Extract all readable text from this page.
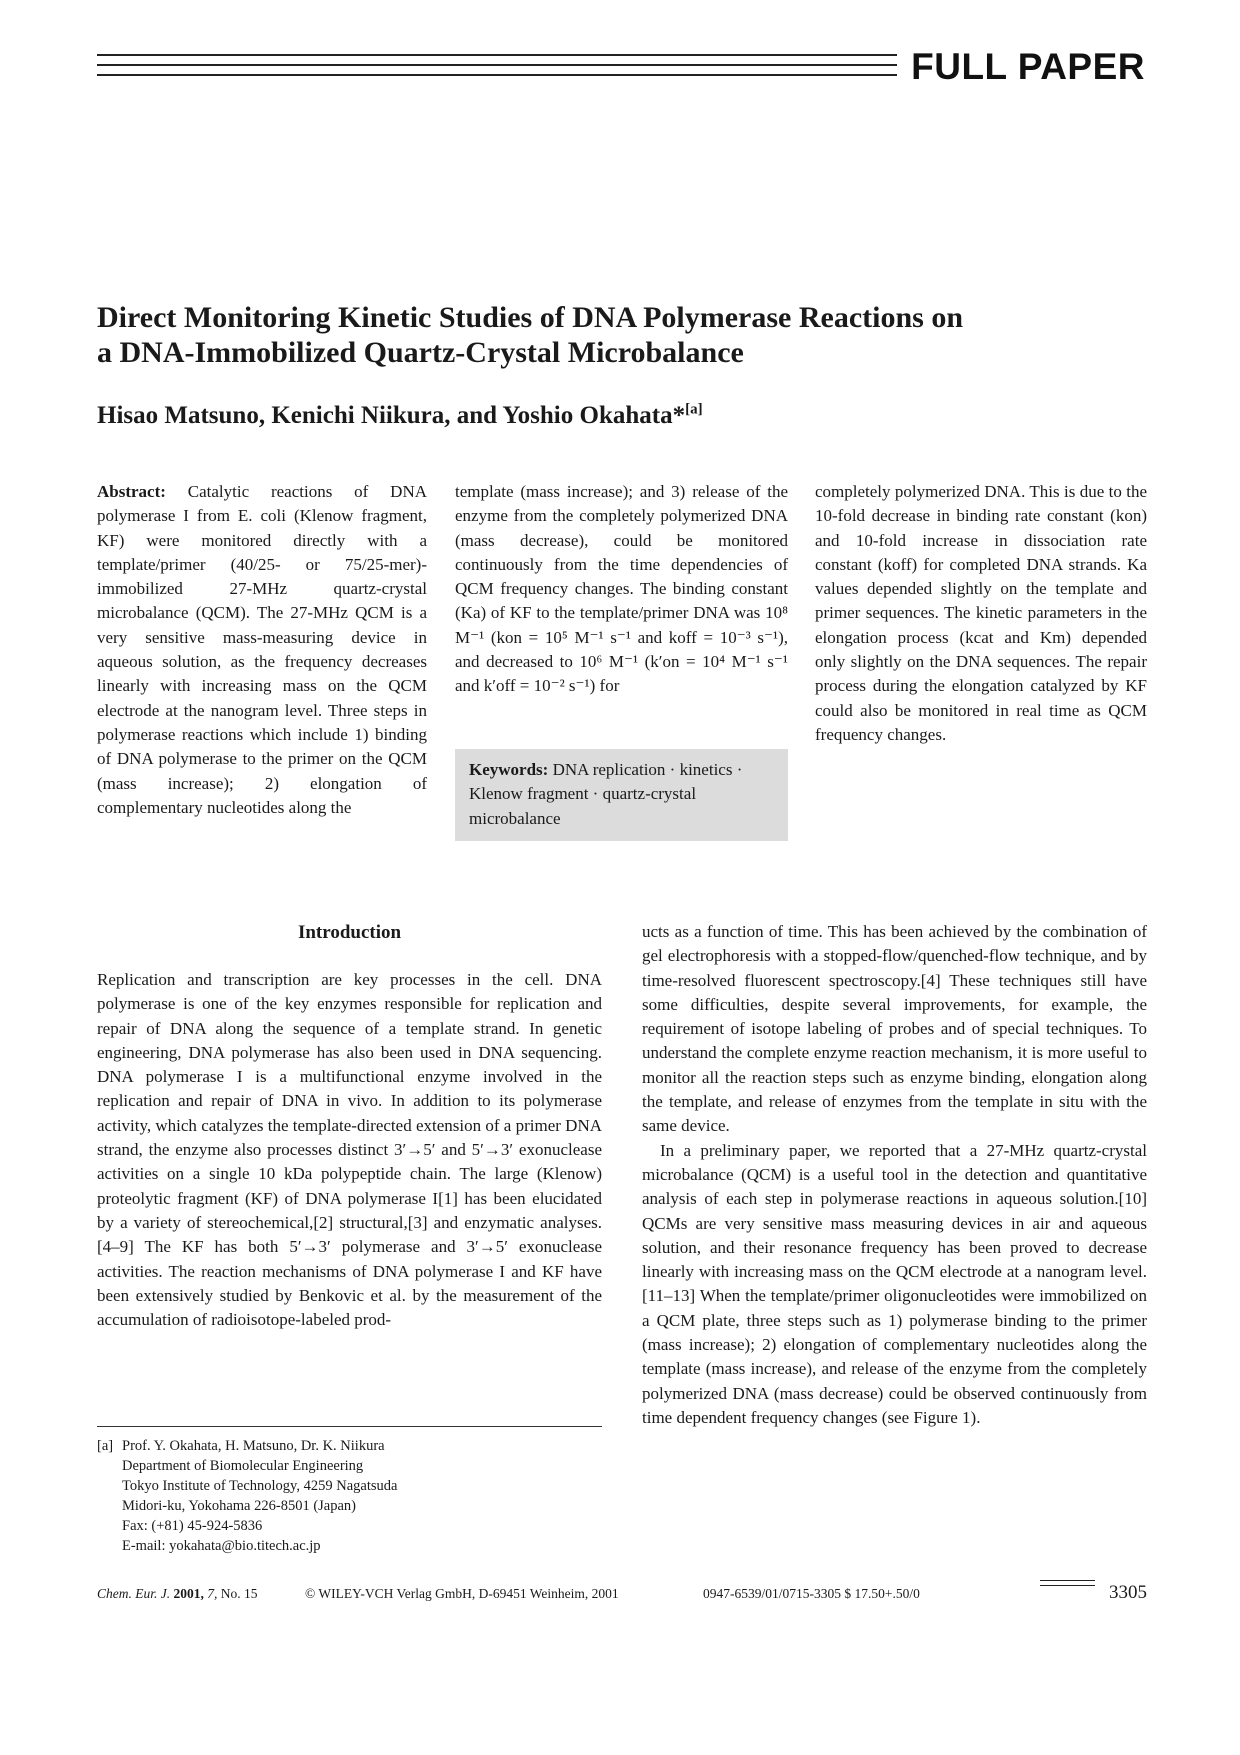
FULL PAPER
Direct Monitoring Kinetic Studies of DNA Polymerase Reactions on
a DNA-Immobilized Quartz-Crystal Microbalance
Hisao Matsuno, Kenichi Niikura, and Yoshio Okahata*[a]

Abstract: Catalytic reactions of DNA polymerase I from E. coli (Klenow fragment, KF) were monitored directly with a template/primer (40/25- or 75/25-mer)-immobilized 27-MHz quartz-crystal microbalance (QCM). The 27-MHz QCM is a very sensitive mass-measuring device in aqueous solution, as the frequency decreases linearly with increasing mass on the QCM electrode at the nanogram level. Three steps in polymerase reactions which include 1) binding of DNA polymerase to the primer on the QCM (mass increase); 2) elongation of complementary nucleotides along the

template (mass increase); and 3) release of the enzyme from the completely polymerized DNA (mass decrease), could be monitored continuously from the time dependencies of QCM frequency changes. The binding constant (Ka) of KF to the template/primer DNA was 10⁸ M⁻¹ (kon = 10⁵ M⁻¹ s⁻¹ and koff = 10⁻³ s⁻¹), and decreased to 10⁶ M⁻¹ (k′on = 10⁴ M⁻¹ s⁻¹ and k′off = 10⁻² s⁻¹) for

completely polymerized DNA. This is due to the 10-fold decrease in binding rate constant (kon) and 10-fold increase in dissociation rate constant (koff) for completed DNA strands. Ka values depended slightly on the template and primer sequences. The kinetic parameters in the elongation process (kcat and Km) depended only slightly on the DNA sequences. The repair process during the elongation catalyzed by KF could also be monitored in real time as QCM frequency changes.

Keywords: DNA replication · kinetics · Klenow fragment · quartz-crystal microbalance
Introduction

Replication and transcription are key processes in the cell. DNA polymerase is one of the key enzymes responsible for replication and repair of DNA along the sequence of a template strand. In genetic engineering, DNA polymerase has also been used in DNA sequencing. DNA polymerase I is a multifunctional enzyme involved in the replication and repair of DNA in vivo. In addition to its polymerase activity, which catalyzes the template-directed extension of a primer DNA strand, the enzyme also processes distinct 3′→5′ and 5′→3′ exonuclease activities on a single 10 kDa polypeptide chain. The large (Klenow) proteolytic fragment (KF) of DNA polymerase I[1] has been elucidated by a variety of stereochemical,[2] structural,[3] and enzymatic analyses.[4–9] The KF has both 5′→3′ polymerase and 3′→5′ exonuclease activities. The reaction mechanisms of DNA polymerase I and KF have been extensively studied by Benkovic et al. by the measurement of the accumulation of radioisotope-labeled prod-

ucts as a function of time. This has been achieved by the combination of gel electrophoresis with a stopped-flow/quenched-flow technique, and by time-resolved fluorescent spectroscopy.[4] These techniques still have some difficulties, despite several improvements, for example, the requirement of isotope labeling of probes and of special techniques. To understand the complete enzyme reaction mechanism, it is more useful to monitor all the reaction steps such as enzyme binding, elongation along the template, and release of enzymes from the template in situ with the same device.

In a preliminary paper, we reported that a 27-MHz quartz-crystal microbalance (QCM) is a useful tool in the detection and quantitative analysis of each step in polymerase reactions in aqueous solution.[10] QCMs are very sensitive mass measuring devices in air and aqueous solution, and their resonance frequency has been proved to decrease linearly with increasing mass on the QCM electrode at a nanogram level.[11–13] When the template/primer oligonucleotides were immobilized on a QCM plate, three steps such as 1) polymerase binding to the primer (mass increase); 2) elongation of complementary nucleotides along the template (mass increase), and release of the enzyme from the completely polymerized DNA (mass decrease) could be observed continuously from time dependent frequency changes (see Figure 1).

[a] Prof. Y. Okahata, H. Matsuno, Dr. K. Niikura
Department of Biomolecular Engineering
Tokyo Institute of Technology, 4259 Nagatsuda
Midori-ku, Yokohama 226-8501 (Japan)
Fax: (+81) 45-924-5836
E-mail: yokahata@bio.titech.ac.jp
Chem. Eur. J. 2001, 7, No. 15	© WILEY-VCH Verlag GmbH, D-69451 Weinheim, 2001	0947-6539/01/0715-3305 $ 17.50+.50/0	3305
